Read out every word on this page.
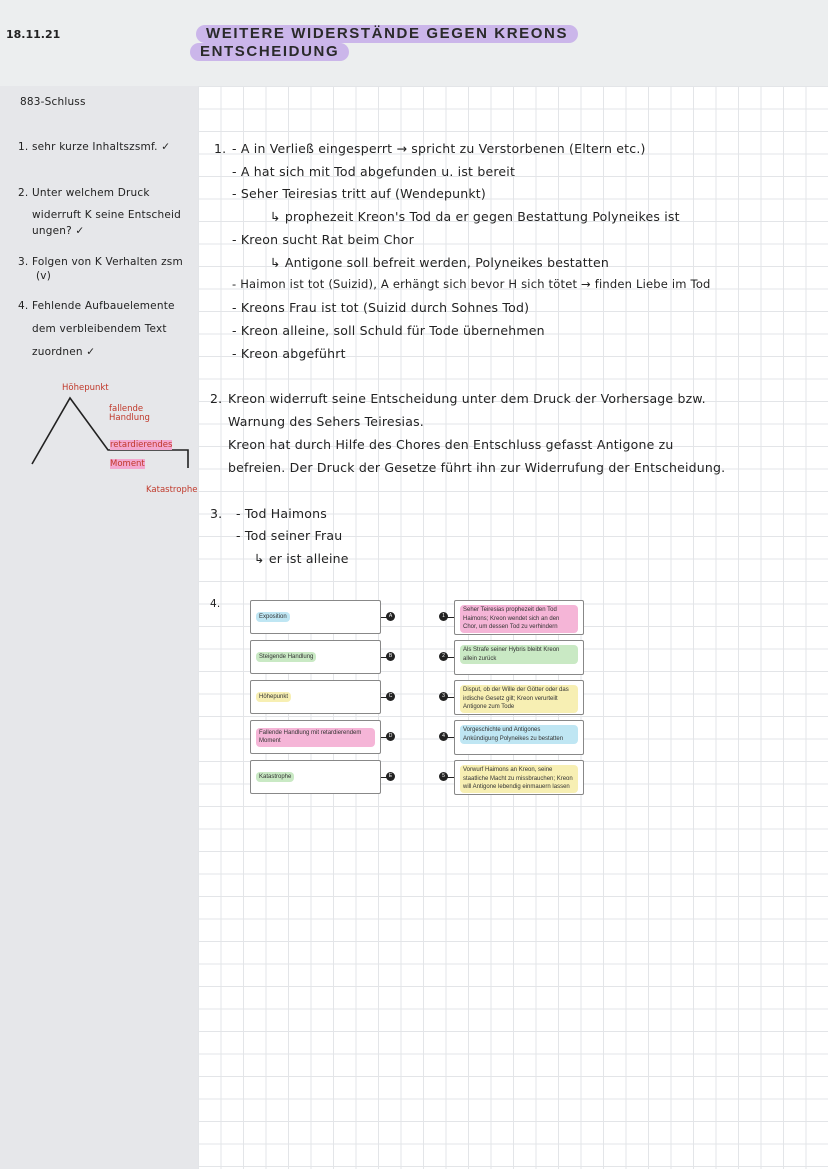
18.11.21	WEITERE WIDERSTÄNDE GEGEN KREONS
ENTSCHEIDUNG
883-Schluss
1. sehr kurze Inhaltszsmf. ✓
2. Unter welchem Druck
widerruft K seine Entscheid
ungen? ✓
3. Folgen von K Verhalten zsm
(v)
4. Fehlende Aufbauelemente
dem verbleibendem Text
zuordnen ✓
Höhepunkt
fallende Handlung
retardierendes
Moment
Katastrophe
1. - A in Verließ eingesperrt → spricht zu Verstorbenen (Eltern etc.)
- A hat sich mit Tod abgefunden u. ist bereit
- Seher Teiresias tritt auf (Wendepunkt)
↳ prophezeit Kreon's Tod da er gegen Bestattung Polyneikes ist
- Kreon sucht Rat beim Chor
↳ Antigone soll befreit werden, Polyneikes bestatten
- Haimon ist tot (Suizid), A erhängt sich bevor H sich tötet → finden Liebe im Tod
- Kreons Frau ist tot (Suizid durch Sohnes Tod)
- Kreon alleine, soll Schuld für Tode übernehmen
- Kreon abgeführt
2. Kreon widerruft seine Entscheidung unter dem Druck der Vorhersage bzw.
Warnung des Sehers Teiresias.
Kreon hat durch Hilfe des Chores den Entschluss gefasst Antigone zu
befreien. Der Druck der Gesetze führt ihn zur Widerrufung der Entscheidung.
3. - Tod Haimons
- Tod seiner Frau
↳ er ist alleine
4.
Exposition	A
Steigende Handlung	B
Höhepunkt	C
Fallende Handlung mit retardierendem Moment
D
Katastrophe	E
Seher Teiresias prophezeit den Tod Haimons; Kreon wendet sich an den Chor, um dessen Tod zu verhindern
1
Als Strafe seiner Hybris bleibt Kreon allein zurück
2
Disput, ob der Wille der Götter oder das irdische Gesetz gilt; Kreon verurteilt Antigone zum Tode
3
Vorgeschichte und Antigones Ankündigung Polyneikes zu bestatten
4
Vorwurf Haimons an Kreon, seine staatliche Macht zu missbrauchen; Kreon will Antigone lebendig einmauern lassen
5
